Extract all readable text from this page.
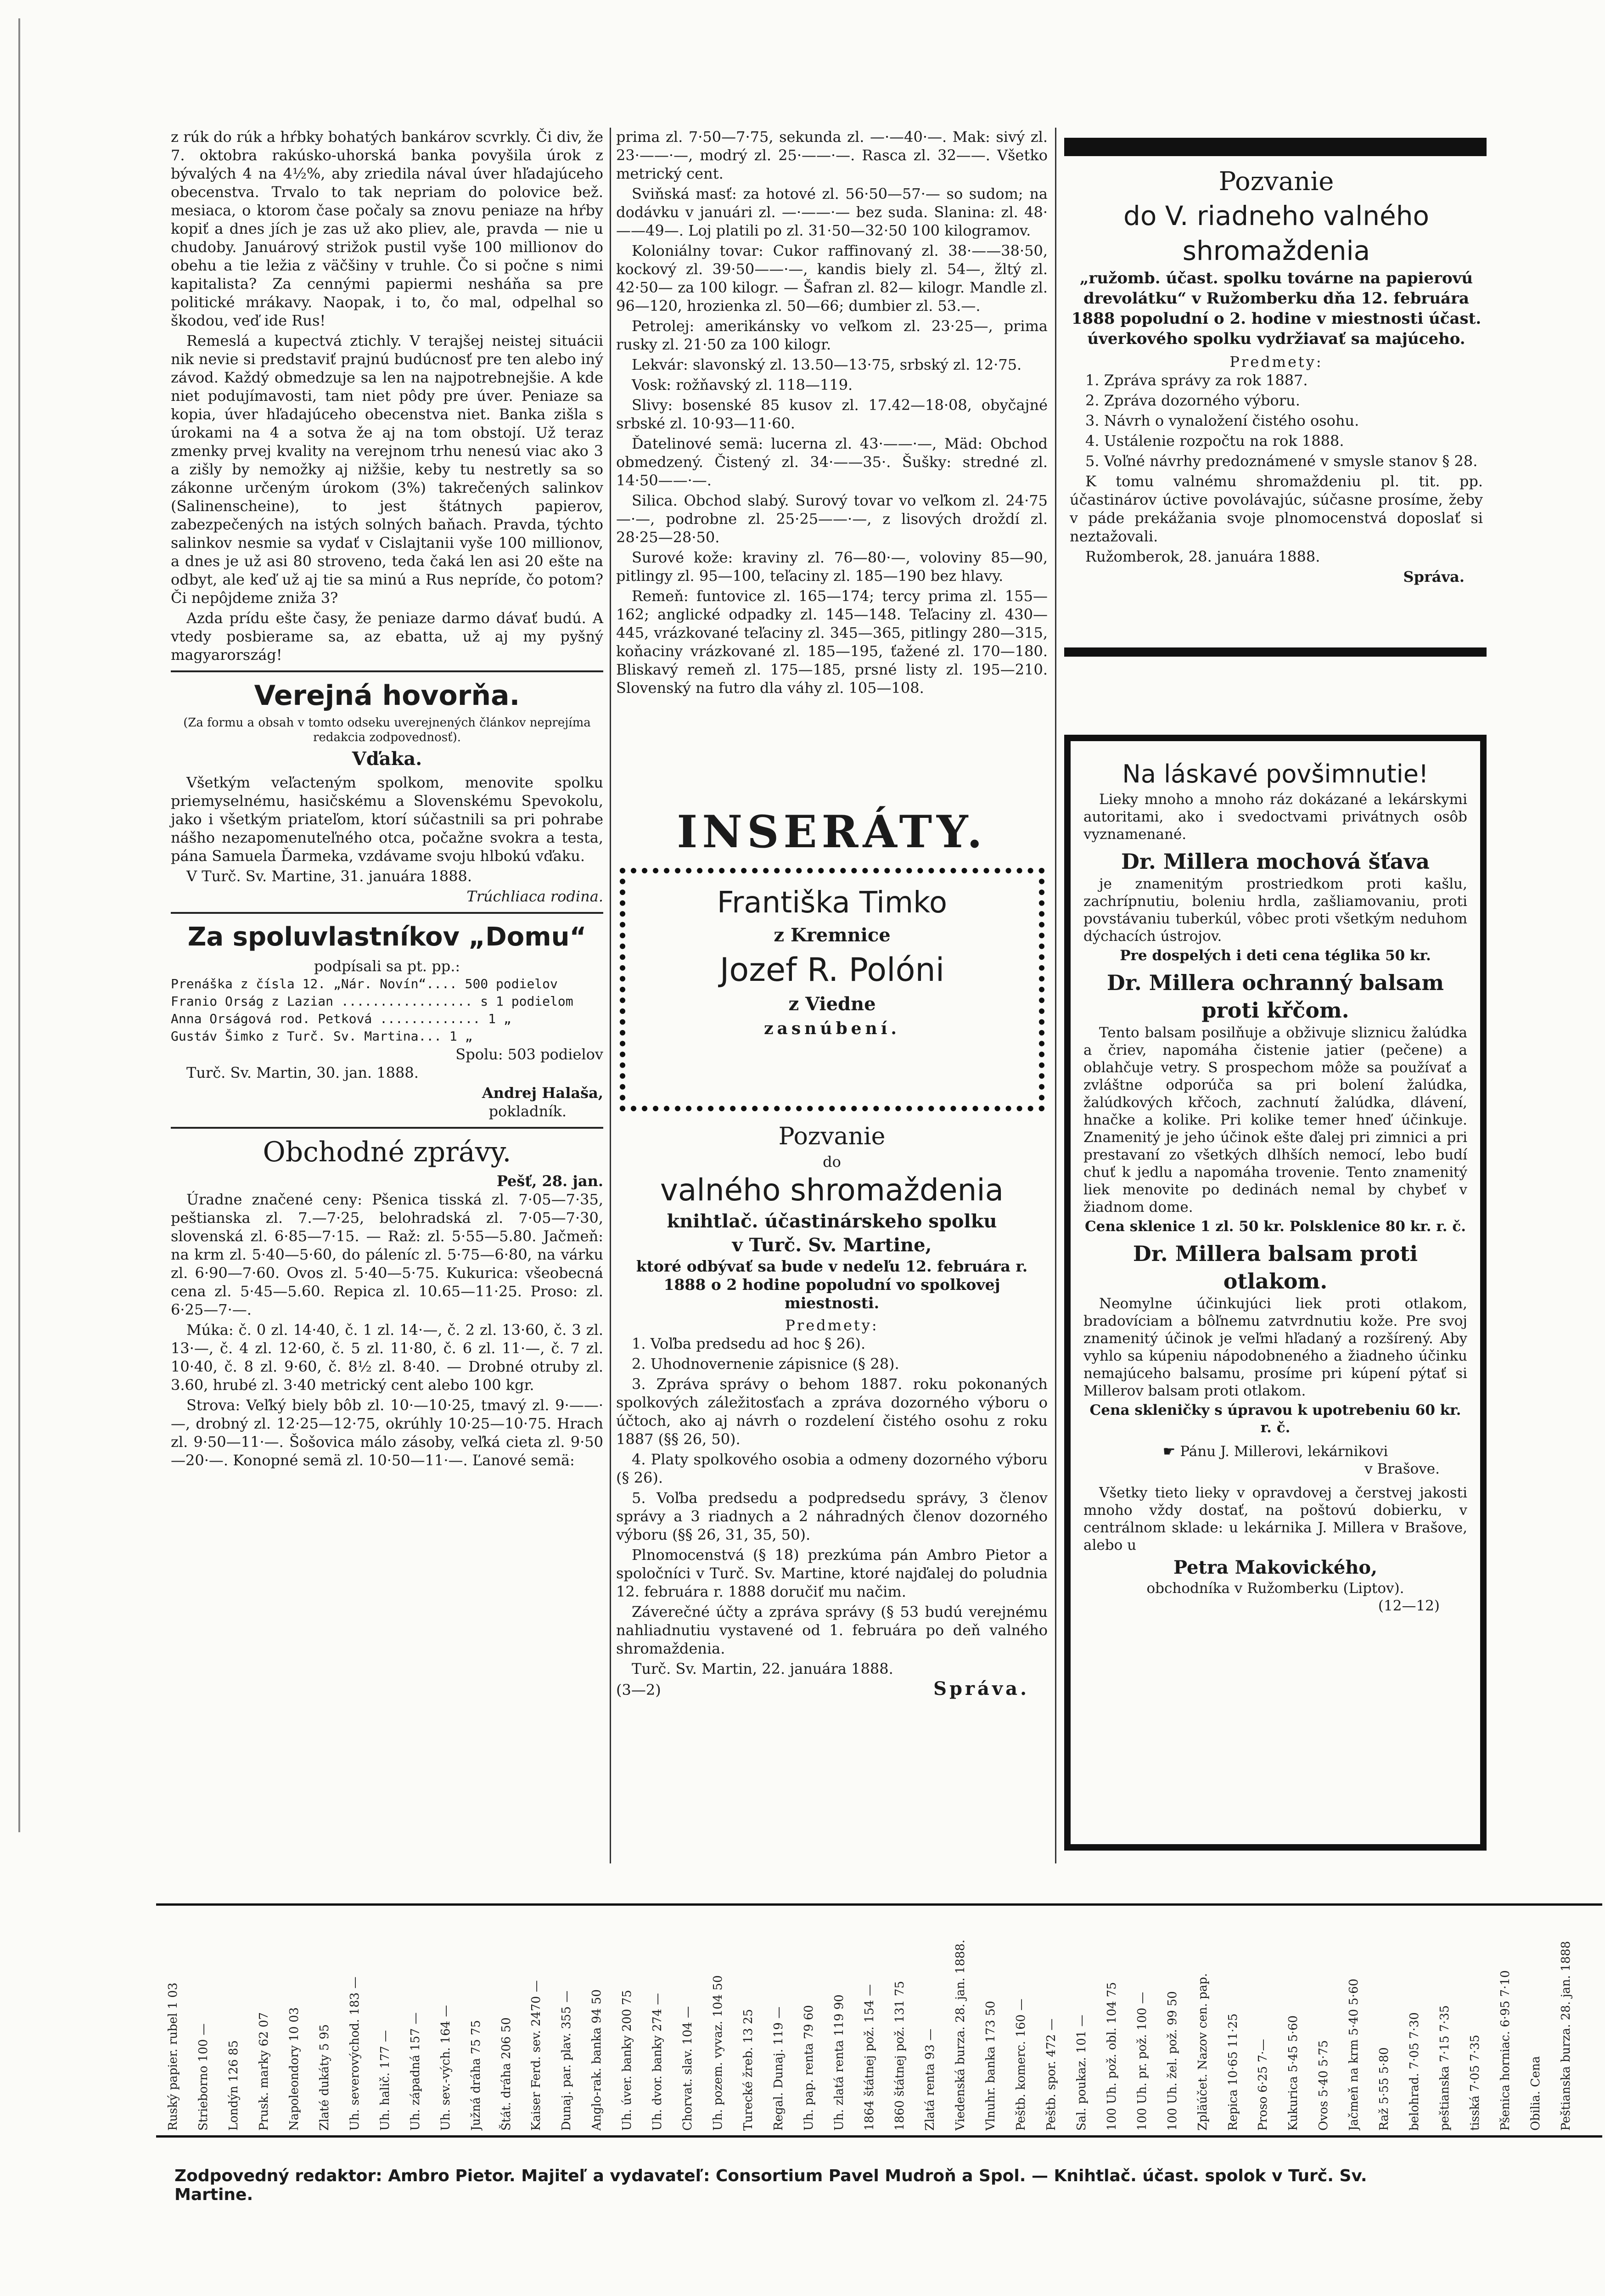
z rúk do rúk a hŕbky bohatých bankárov scvrkly. Či div, že 7. oktobra rakúsko-uhorská banka povyšila úrok z bývalých 4 na 4½%, aby zriedila nával úver hľadajúceho obecenstva. Trvalo to tak nepriam do polovice bež. mesiaca, o ktorom čase počaly sa znovu peniaze na hŕby kopiť a dnes jích je zas už ako pliev, ale, pravda — nie u chudoby. Januárový strižok pustil vyše 100 millionov do obehu a tie ležia z väčšiny v truhle. Čo si počne s nimi kapitalista? Za cennými papiermi nesháňa sa pre politické mrákavy. Naopak, i to, čo mal, odpelhal so škodou, veď ide Rus!

Remeslá a kupectvá ztichly. V terajšej neistej situácii nik nevie si predstaviť prajnú budúcnosť pre ten alebo iný závod. Každý obmedzuje sa len na najpotrebnejšie. A kde niet podujímavosti, tam niet pôdy pre úver. Peniaze sa kopia, úver hľadajúceho obecenstva niet. Banka zišla s úrokami na 4 a sotva že aj na tom obstojí. Už teraz zmenky prvej kvality na verejnom trhu nenesú viac ako 3 a zišly by nemožky aj nižšie, keby tu nestretly sa so zákonne určeným úrokom (3%) takrečených salinkov (Salinenscheine), to jest štátnych papierov, zabezpečených na istých solných baňach. Pravda, týchto salinkov nesmie sa vydať v Cislajtanii vyše 100 millionov, a dnes je už asi 80 stroveno, teda čaká len asi 20 ešte na odbyt, ale keď už aj tie sa minú a Rus nepríde, čo potom? Či nepôjdeme zniža 3?

Azda prídu ešte časy, že peniaze darmo dávať budú. A vtedy posbierame sa, az ebatta, už aj my pyšný magyarország!

Verejná hovorňa.
(Za formu a obsah v tomto odseku uverejnených článkov neprejíma redakcia zodpovednosť).
Vďaka.

Všetkým veľacteným spolkom, menovite spolku priemyselnému, hasičskému a Slovenskému Spevokolu, jako i všetkým priateľom, ktorí súčastnili sa pri pohrabe nášho nezapomenuteľného otca, počažne svokra a testa, pána Samuela Ďarmeka, vzdávame svoju hlbokú vďaku.

V Turč. Sv. Martine, 31. januára 1888.

Trúchliaca rodina.
Za spoluvlastníkov „Domu“
podpísali sa pt. pp.:
Prenáška z čísla 12. „Nár. Novín“.... 500 podielov
Franio Orság z Lazian ................. s 1 podielom
Anna Orságová rod. Petková ............. 1 „
Gustáv Šimko z Turč. Sv. Martina... 1 „
Spolu: 503 podielov

Turč. Sv. Martin, 30. jan. 1888.

Andrej Halaša,
pokladník.
Obchodné zprávy.
Pešť, 28. jan.

Úradne značené ceny: Pšenica tisská zl. 7·05—7·35, peštianska zl. 7.—7·25, belohradská zl. 7·05—7·30, slovenská zl. 6·85—7·15. — Raž: zl. 5·55—5.80. Jačmeň: na krm zl. 5·40—5·60, do páleníc zl. 5·75—6·80, na várku zl. 6·90—7·60. Ovos zl. 5·40—5·75. Kukurica: všeobecná cena zl. 5·45—5.60. Repica zl. 10.65—11·25. Proso: zl. 6·25—7·—.

Múka: č. 0 zl. 14·40, č. 1 zl. 14·—, č. 2 zl. 13·60, č. 3 zl. 13·—, č. 4 zl. 12·60, č. 5 zl. 11·80, č. 6 zl. 11·—, č. 7 zl. 10·40, č. 8 zl. 9·60, č. 8½ zl. 8·40. — Drobné otruby zl. 3.60, hrubé zl. 3·40 metrický cent alebo 100 kgr.

Strova: Veľký biely bôb zl. 10·—10·25, tmavý zl. 9·——·—, drobný zl. 12·25—12·75, okrúhly 10·25—10·75. Hrach zl. 9·50—11·—. Šošovica málo zásoby, veľká cieta zl. 9·50—20·—. Konopné semä zl. 10·50—11·—. Ľanové semä:

prima zl. 7·50—7·75, sekunda zl. —·—40·—. Mak: sivý zl. 23·——·—, modrý zl. 25·——·—. Rasca zl. 32——. Všetko metrický cent.

Sviňská masť: za hotové zl. 56·50—57·— so sudom; na dodávku v januári zl. —·——·— bez suda. Slanina: zl. 48·——49—. Loj platili po zl. 31·50—32·50 100 kilogramov.

Koloniálny tovar: Cukor raffinovaný zl. 38·——38·50, kockový zl. 39·50——·—, kandis biely zl. 54—, žltý zl. 42·50— za 100 kilogr. — Šafran zl. 82— kilogr. Mandle zl. 96—120, hrozienka zl. 50—66; dumbier zl. 53.—.

Petrolej: amerikánsky vo veľkom zl. 23·25—, prima rusky zl. 21·50 za 100 kilogr.

Lekvár: slavonský zl. 13.50—13·75, srbský zl. 12·75.

Vosk: rožňavský zl. 118—119.

Slivy: bosenské 85 kusov zl. 17.42—18·08, obyčajné srbské zl. 10·93—11·60.

Ďatelinové semä: lucerna zl. 43·——·—, Mäd: Obchod obmedzený. Čistený zl. 34·——35·. Šušky: stredné zl. 14·50——·—.

Silica. Obchod slabý. Surový tovar vo veľkom zl. 24·75—·—, podrobne zl. 25·25——·—, z lisových droždí zl. 28·25—28·50.

Surové kože: kraviny zl. 76—80·—, voloviny 85—90, pitlingy zl. 95—100, teľaciny zl. 185—190 bez hlavy.

Remeň: funtovice zl. 165—174; tercy prima zl. 155—162; anglické odpadky zl. 145—148. Teľaciny zl. 430—445, vrázkované teľaciny zl. 345—365, pitlingy 280—315, koňaciny vrázkované zl. 185—195, ťažené zl. 170—180. Bliskavý remeň zl. 175—185, prsné listy zl. 195—210. Slovenský na futro dla váhy zl. 105—108.

INSERÁTY.
Františka Timko
z Kremnice
Jozef R. Polóni
z Viedne
zasnúbení.
Pozvanie
do
valného shromaždenia
knihtlač. účastinárskeho spolku
v Turč. Sv. Martine,
ktoré odbývať sa bude v nedeľu 12. februára r. 1888 o 2 hodine popoludní vo spolkovej miestnosti.
Predmety:

1. Voľba predsedu ad hoc § 26).

2. Uhodnovernenie zápisnice (§ 28).

3. Zpráva správy o behom 1887. roku pokonaných spolkových záležitosťach a zpráva dozorného výboru o účtoch, ako aj návrh o rozdelení čistého osohu z roku 1887 (§§ 26, 50).

4. Platy spolkového osobia a odmeny dozorného výboru (§ 26).

5. Voľba predsedu a podpredsedu správy, 3 členov správy a 3 riadnych a 2 náhradných členov dozorného výboru (§§ 26, 31, 35, 50).

Plnomocenstvá (§ 18) prezkúma pán Ambro Pietor a spoločníci v Turč. Sv. Martine, ktoré najďalej do poludnia 12. februára r. 1888 doručiť mu načim.

Záverečné účty a zpráva správy (§ 53 budú verejnému nahliadnutiu vystavené od 1. februára po deň valného shromaždenia.

Turč. Sv. Martin, 22. januára 1888.

(3—2)	Správa.
Pozvanie
do V. riadneho valného shromaždenia
„ružomb. účast. spolku továrne na papierovú drevolátku“ v Ružomberku dňa 12. februára 1888 popoludní o 2. hodine v miestnosti účast. úverkového spolku vydržiavať sa majúceho.
Predmety:

1. Zpráva správy za rok 1887.

2. Zpráva dozorného výboru.

3. Návrh o vynaložení čistého osohu.

4. Ustálenie rozpočtu na rok 1888.

5. Voľné návrhy predoznámené v smysle stanov § 28.

K tomu valnému shromaždeniu pl. tit. pp. účastinárov úctive povolávajúc, súčasne prosíme, žeby v páde prekážania svoje plnomocenstvá doposlať si neztažovali.

Ružomberok, 28. januára 1888.

Správa.
Na láskavé povšimnutie!

Lieky mnoho a mnoho ráz dokázané a lekárskymi autoritami, ako i svedoctvami privátnych osôb vyznamenané.

Dr. Millera mochová šťava

je znamenitým prostriedkom proti kašlu, zachrípnutiu, boleniu hrdla, zašliamovaniu, proti povstávaniu tuberkúl, vôbec proti všetkým neduhom dýchacích ústrojov.

Pre dospelých i deti cena téglika 50 kr.
Dr. Millera ochranný balsam proti křčom.

Tento balsam posilňuje a obživuje sliznicu žalúdka a čriev, napomáha čistenie jatier (pečene) a oblahčuje vetry. S prospechom môže sa používať a zvláštne odporúča sa pri bolení žalúdka, žalúdkových křčoch, zachnutí žalúdka, dlávení, hnačke a kolike. Pri kolike temer hneď účinkuje. Znamenitý je jeho účinok ešte ďalej pri zimnici a pri prestavaní zo všetkých dlhších nemocí, lebo budí chuť k jedlu a napomáha trovenie. Tento znamenitý liek menovite po dedinách nemal by chybeť v žiadnom dome.

Cena sklenice 1 zl. 50 kr. Polsklenice 80 kr. r. č.
Dr. Millera balsam proti otlakom.

Neomylne účinkujúci liek proti otlakom, bradovíciam a bôľnemu zatvrdnutiu kože. Pre svoj znamenitý účinok je veľmi hľadaný a rozšírený. Aby vyhlo sa kúpeniu nápodobneného a žiadneho účinku nemajúceho balsamu, prosíme pri kúpení pýtať si Millerov balsam proti otlakom.

Cena skleničky s úpravou k upotrebeniu 60 kr. r. č.
☛ Pánu J. Millerovi, lekárnikovi
v Brašove.

Všetky tieto lieky v opravdovej a čerstvej jakosti mnoho vždy dostať, na poštovú dobierku, v centrálnom sklade: u lekárnika J. Millera v Brašove, alebo u

Petra Makovického,
obchodníka v Ružomberku (Liptov).
(12—12)
Ruský papier. rubel 1 03 Strieborno 100 — Londýn 126 85 Prusk. marky 62 07 Napoleondory 10 03 Zlaté dukáty 5 95 Uh. severovýchod. 183 — Uh. halič. 177 — Uh. západná 157 — Uh. sev.-vých. 164 — Južná dráha 75 75 Štát. dráha 206 50 Kaiser Ferd. sev. 2470 — Dunaj. par. plav. 355 — Anglo-rak. banka 94 50 Uh. úver. banky 200 75 Uh. dvor. banky 274 — Chorvat. slav. 104 — Uh. pozem. vyvaz. 104 50 Turecké žreb. 13 25 Regal. Dunaj. 119 — Uh. pap. renta 79 60 Uh. zlatá renta 119 90 1864 štátnej pož. 154 — 1860 štátnej pož. 131 75 Zlatá renta 93 — Viedenská burza. 28. jan. 1888. Vlnuhr. banka 173 50 Peštb. komerc. 160 — Peštb. spor. 472 — Sal. poukaz. 101 — 100 Uh. pož. obl. 104 75 100 Uh. pr. pož. 100 — 100 Uh. žel. pož. 99 50 Zpläúčet. Nazov cen. pap. Repica 10·65 11·25 Proso 6·25 7·— Kukurica 5·45 5·60 Ovos 5·40 5·75 Jačmeň na krm 5·40 5·60 Raž 5·55 5·80 belohrad. 7·05 7·30 peštianska 7·15 7·35 tisská 7·05 7·35 Pšenica horniac. 6·95 7·10 Obilia. Cena Peštianska burza. 28. jan. 1888
Zodpovedný redaktor: Ambro Pietor. Majiteľ a vydavateľ: Consortium Pavel Mudroň a Spol. — Knihtlač. účast. spolok v Turč. Sv. Martine.
